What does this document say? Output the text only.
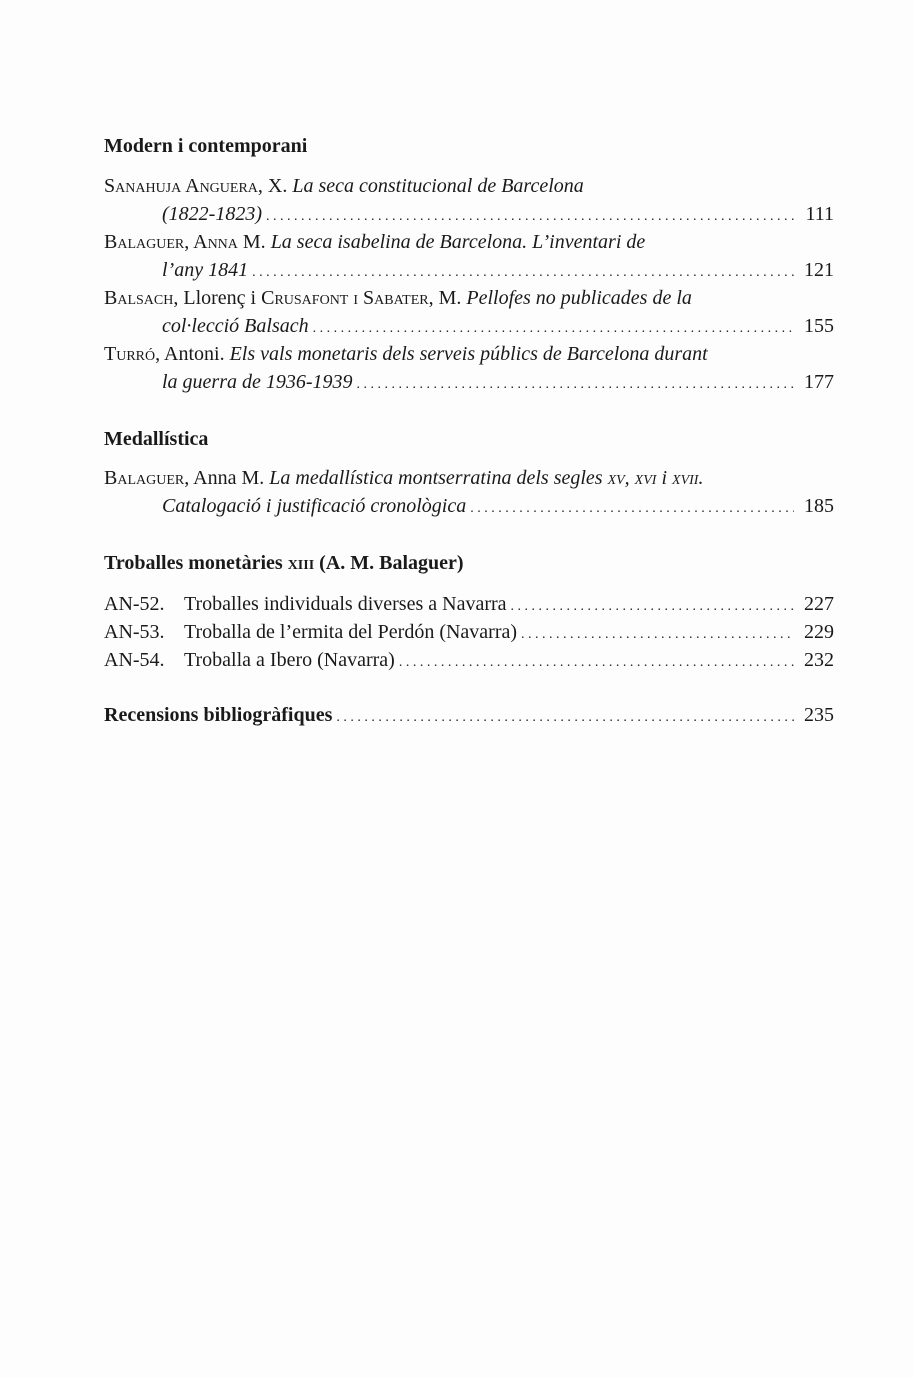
Modern i contemporani
Sanahuja Anguera, X. La seca constitucional de Barcelona
(1822-1823) . . .	111
Balaguer, Anna M. La seca isabelina de Barcelona. L’inventari de
l’any 1841 . . .	121
Balsach, Llorenç i Crusafont i Sabater, M. Pellofes no publicades de la
col·lecció Balsach . . .	155
Turró, Antoni. Els vals monetaris dels serveis públics de Barcelona durant
la guerra de 1936-1939 . . .	177
Medallística
Balaguer, Anna M. La medallística montserratina dels segles xv, xvi i xvii.
Catalogació i justificació cronològica . . .	185
Troballes monetàries xiii (A. M. Balaguer)
AN-52. Troballes individuals diverses a Navarra . . .	227
AN-53. Troballa de l’ermita del Perdón (Navarra) . . .	229
AN-54. Troballa a Ibero (Navarra) . . .	232
Recensions bibliogràfiques . . .	235
